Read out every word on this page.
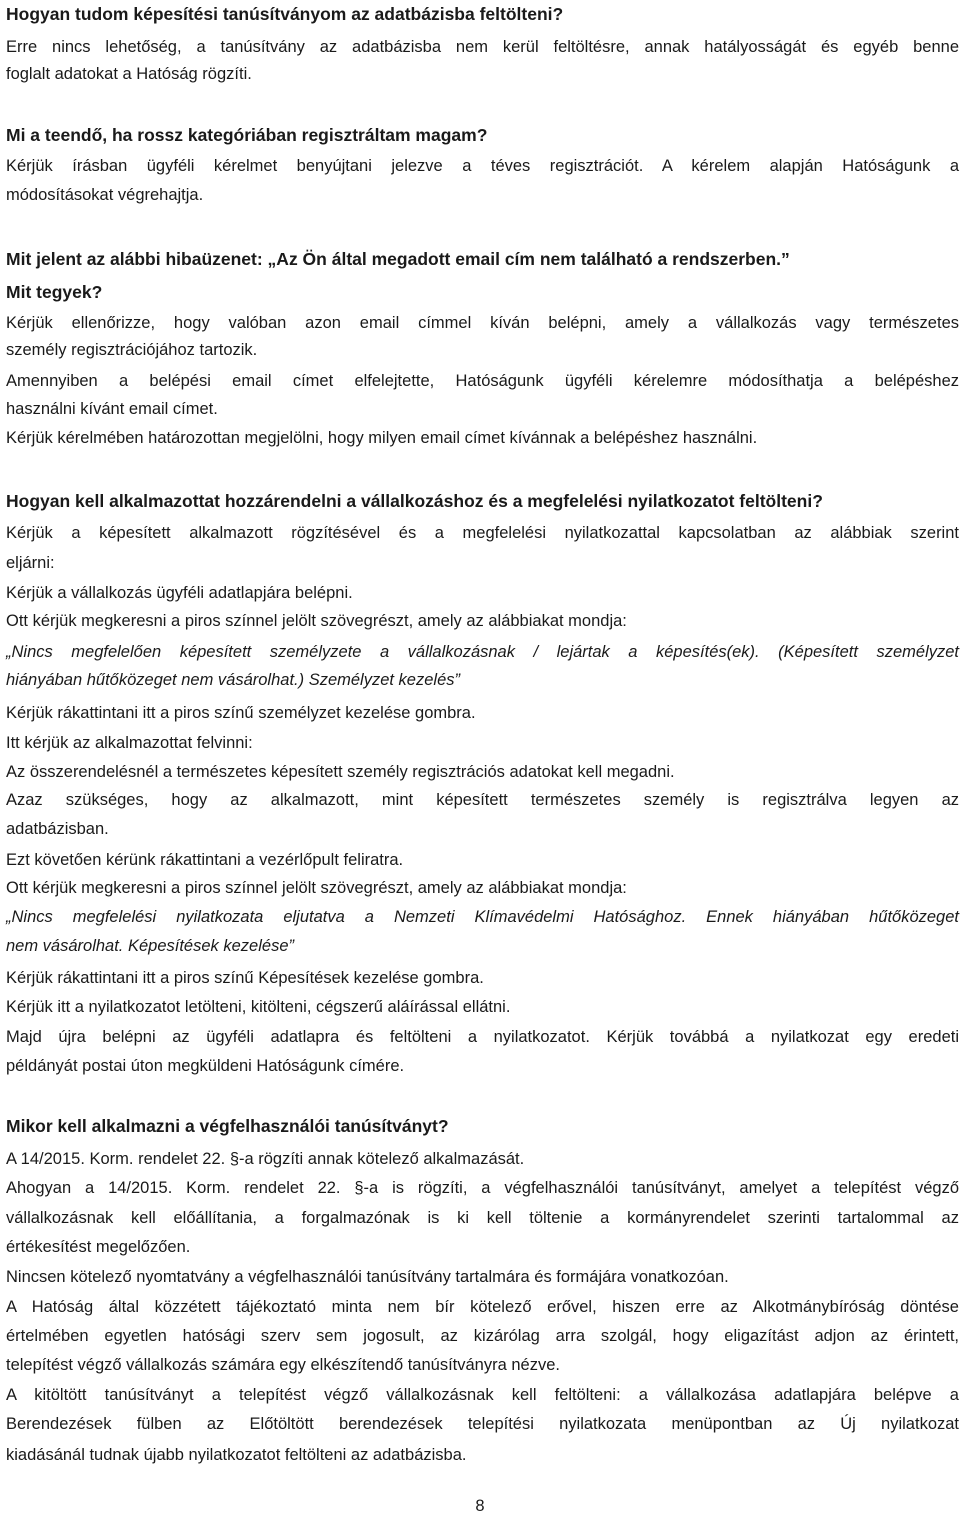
Hogyan tudom képesítési tanúsítványom az adatbázisba feltölteni?
Erre nincs lehetőség, a tanúsítvány az adatbázisba nem kerül feltöltésre, annak hatályosságát és egyéb benne
foglalt adatokat a Hatóság rögzíti.
Mi a teendő, ha rossz kategóriában regisztráltam magam?
Kérjük írásban ügyféli kérelmet benyújtani jelezve a téves regisztrációt. A kérelem alapján Hatóságunk a
módosításokat végrehajtja.
Mit jelent az alábbi hibaüzenet: „Az Ön által megadott email cím nem található a rendszerben.”
Mit tegyek?
Kérjük ellenőrizze, hogy valóban azon email címmel kíván belépni, amely a vállalkozás vagy természetes
személy regisztrációjához tartozik.
Amennyiben a belépési email címet elfelejtette, Hatóságunk ügyféli kérelemre módosíthatja a belépéshez
használni kívánt email címet.
Kérjük kérelmében határozottan megjelölni, hogy milyen email címet kívánnak a belépéshez használni.
Hogyan kell alkalmazottat hozzárendelni a vállalkozáshoz és a megfelelési nyilatkozatot feltölteni?
Kérjük a képesített alkalmazott rögzítésével és a megfelelési nyilatkozattal kapcsolatban az alábbiak szerint
eljárni:
Kérjük a vállalkozás ügyféli adatlapjára belépni.
Ott kérjük megkeresni a piros színnel jelölt szövegrészt, amely az alábbiakat mondja:
„Nincs megfelelően képesített személyzete a vállalkozásnak / lejártak a képesítés(ek). (Képesített személyzet
hiányában hűtőközeget nem vásárolhat.) Személyzet kezelés”
Kérjük rákattintani itt a piros színű személyzet kezelése gombra.
Itt kérjük az alkalmazottat felvinni:
Az összerendelésnél a természetes képesített személy regisztrációs adatokat kell megadni.
Azaz szükséges, hogy az alkalmazott, mint képesített természetes személy is regisztrálva legyen az
adatbázisban.
Ezt követően kérünk rákattintani a vezérlőpult feliratra.
Ott kérjük megkeresni a piros színnel jelölt szövegrészt, amely az alábbiakat mondja:
„Nincs megfelelési nyilatkozata eljutatva a Nemzeti Klímavédelmi Hatósághoz. Ennek hiányában hűtőközeget
nem vásárolhat. Képesítések kezelése”
Kérjük rákattintani itt a piros színű Képesítések kezelése gombra.
Kérjük itt a nyilatkozatot letölteni, kitölteni, cégszerű aláírással ellátni.
Majd újra belépni az ügyféli adatlapra és feltölteni a nyilatkozatot. Kérjük továbbá a nyilatkozat egy eredeti
példányát postai úton megküldeni Hatóságunk címére.
Mikor kell alkalmazni a végfelhasználói tanúsítványt?
A 14/2015. Korm. rendelet 22. §-a rögzíti annak kötelező alkalmazását.
Ahogyan a 14/2015. Korm. rendelet 22. §-a is rögzíti, a végfelhasználói tanúsítványt, amelyet a telepítést végző
vállalkozásnak kell előállítania, a forgalmazónak is ki kell töltenie a kormányrendelet szerinti tartalommal az
értékesítést megelőzően.
Nincsen kötelező nyomtatvány a végfelhasználói tanúsítvány tartalmára és formájára vonatkozóan.
A Hatóság által közzétett tájékoztató minta nem bír kötelező erővel, hiszen erre az Alkotmánybíróság döntése
értelmében egyetlen hatósági szerv sem jogosult, az kizárólag arra szolgál, hogy eligazítást adjon az érintett,
telepítést végző vállalkozás számára egy elkészítendő tanúsítványra nézve.
A kitöltött tanúsítványt a telepítést végző vállalkozásnak kell feltölteni: a vállalkozása adatlapjára belépve a
Berendezések fülben az Előtöltött berendezések telepítési nyilatkozata menüpontban az Új nyilatkozat
kiadásánál tudnak újabb nyilatkozatot feltölteni az adatbázisba.
8
